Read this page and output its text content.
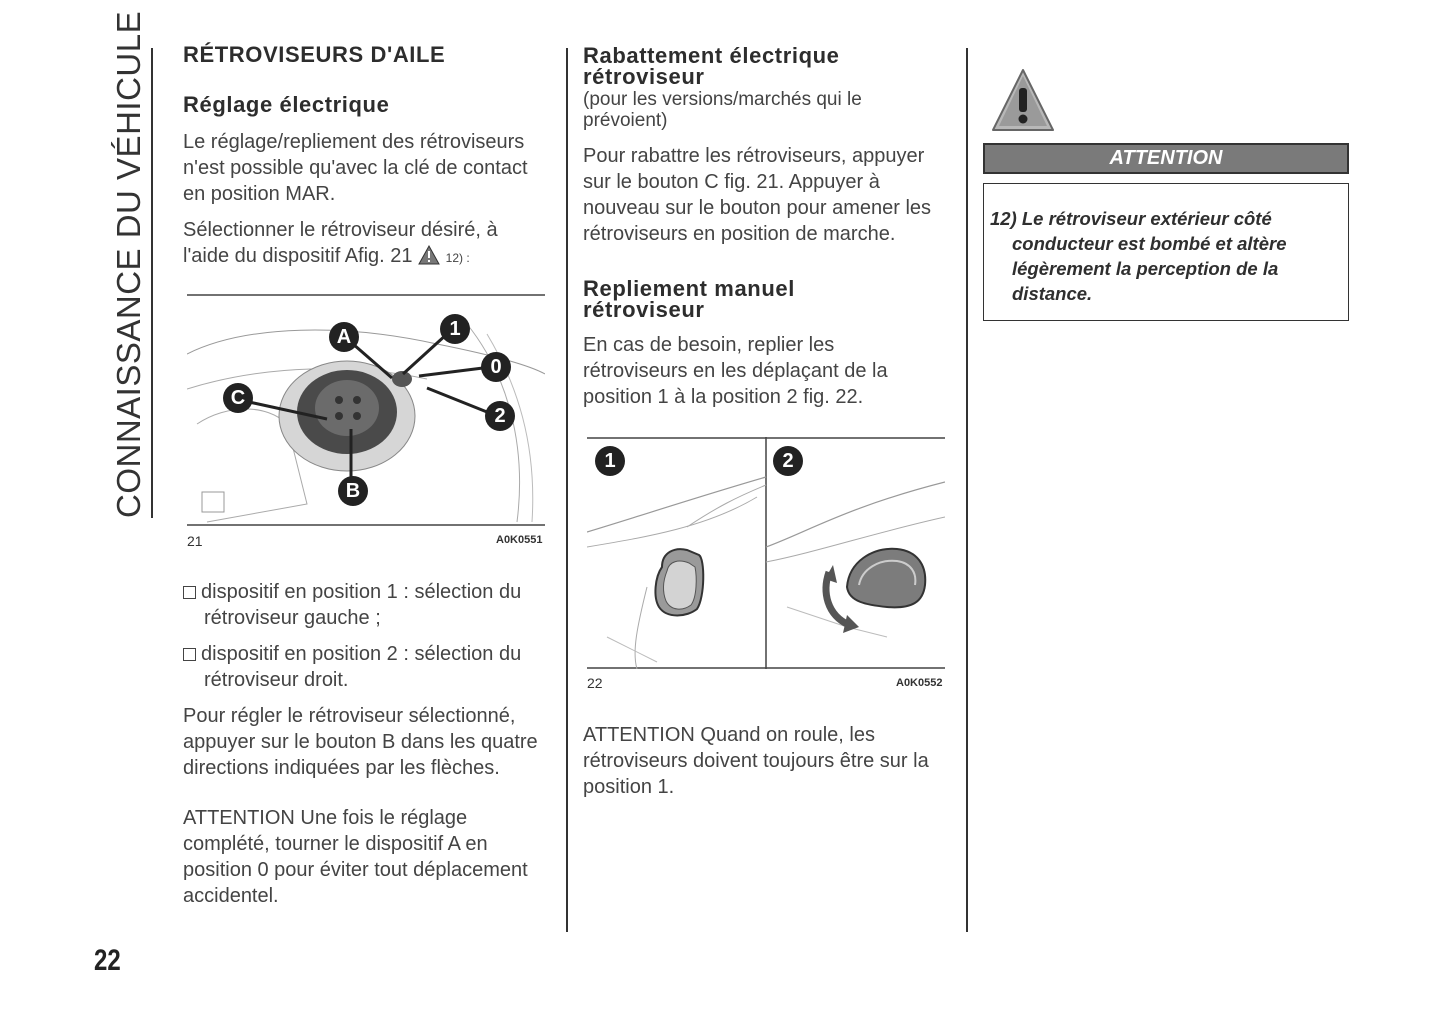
CONNAISSANCE DU VÉHICULE
22
RÉTROVISEURS D'AILE
Réglage électrique

Le réglage/repliement des rétroviseurs n'est possible qu'avec la clé de contact en position MAR.

Sélectionner le rétroviseur désiré, à l'aide du dispositif Afig. 21	12) :

A	1
0
2
C
B
21	A0K0551

dispositif en position 1 : sélection du rétroviseur gauche ;

dispositif en position 2 : sélection du rétroviseur droit.

Pour régler le rétroviseur sélectionné, appuyer sur le bouton B dans les quatre directions indiquées par les flèches.

ATTENTION Une fois le réglage complété, tourner le dispositif A en position 0 pour éviter tout déplacement accidentel.

Rabattement électrique
rétroviseur

(pour les versions/marchés qui le prévoient)

Pour rabattre les rétroviseurs, appuyer sur le bouton C fig. 21. Appuyer à nouveau sur le bouton pour amener les rétroviseurs en position de marche.

Repliement manuel
rétroviseur

En cas de besoin, replier les rétroviseurs en les déplaçant de la position 1 à la position 2 fig. 22.

1	2
22	A0K0552

ATTENTION Quand on roule, les rétroviseurs doivent toujours être sur la position 1.

ATTENTION

12) Le rétroviseur extérieur côté conducteur est bombé et altère légèrement la perception de la distance.
